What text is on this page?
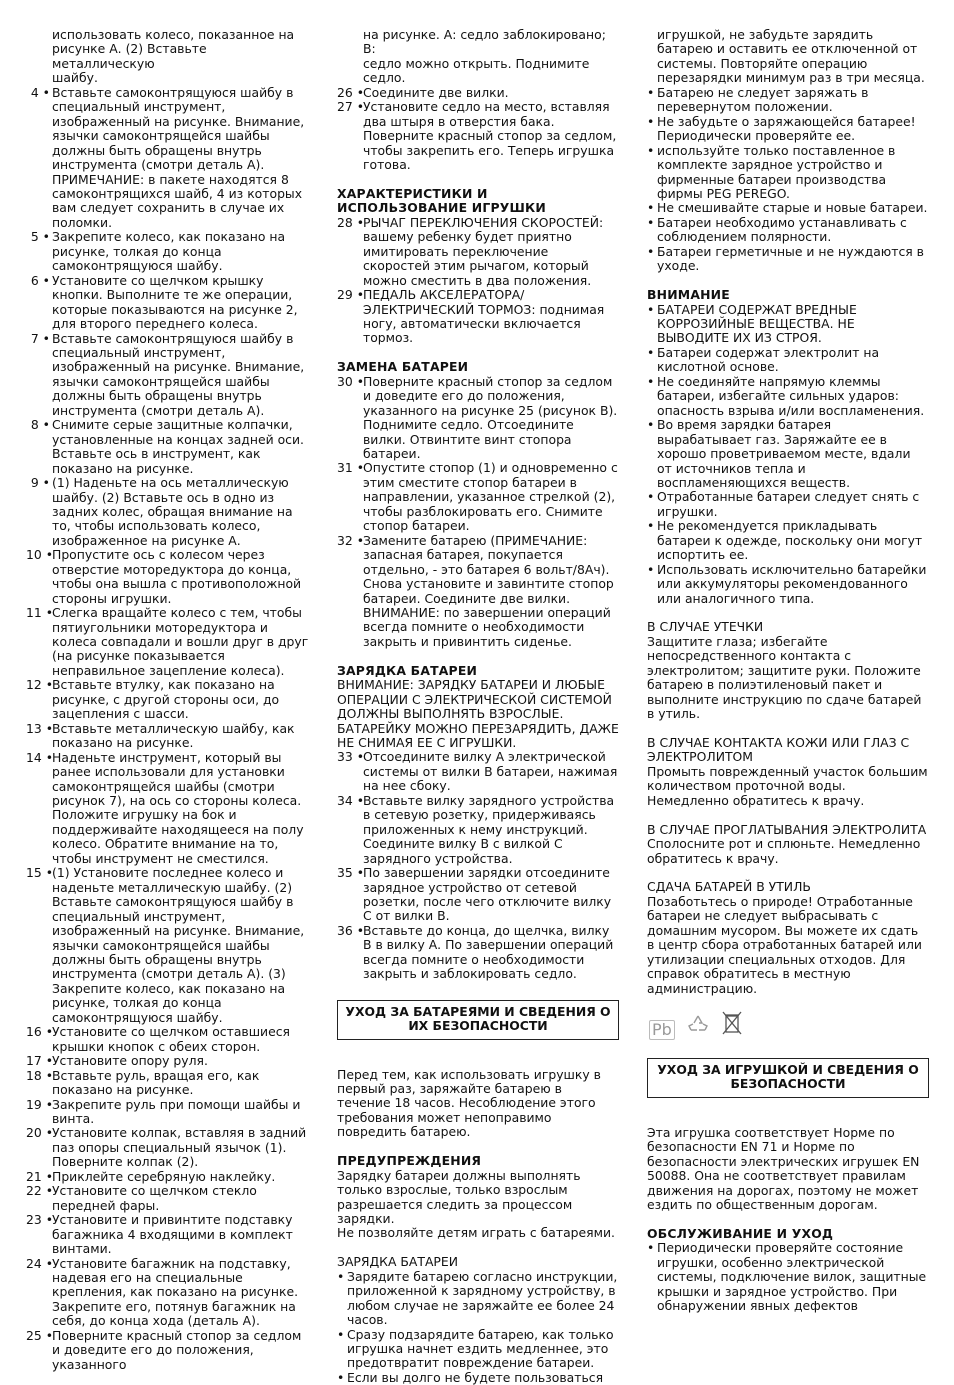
использовать колесо, показанное на
рисунке А. (2) Вставьте металлическую
шайбу.
4 • Вставьте самоконтрящуюся шайбу в специальный инструмент, изображенный на рисунке. Внимание, язычки самоконтрящейся шайбы должны быть обращены внутрь инструмента (смотри деталь А). ПРИМЕЧАНИЕ: в пакете находятся 8 самоконтрящихся шайб, 4 из которых вам следует сохранить в случае их поломки.
5 • Закрепите колесо, как показано на рисунке, толкая до конца самоконтрящуюся шайбу.
6 • Установите со щелчком крышку кнопки. Выполните те же операции, которые показываются на рисунке 2, для второго переднего колеса.
7 • Вставьте самоконтрящуюся шайбу в специальный инструмент, изображенный на рисунке. Внимание, язычки самоконтрящейся шайбы должны быть обращены внутрь инструмента (смотри деталь А).
8 • Снимите серые защитные колпачки, установленные на концах задней оси. Вставьте ось в инструмент, как показано на рисунке.
9 • (1) Наденьте на ось металлическую шайбу. (2) Вставьте ось в одно из задних колес, обращая внимание на то, чтобы использовать колесо, изображенное на рисунке А.
10 •
Пропустите ось с колесом через отверстие моторедуктора до конца, чтобы она вышла с противоположной стороны игрушки.
11 •
Слегка вращайте колесо с тем, чтобы пятиугольники моторедуктора и колеса совпадали и вошли друг в друг (на рисунке показывается неправильное зацепление колеса).
12 •
Вставьте втулку, как показано на рисунке, с другой стороны оси, до зацепления с шасси.
13 •
Вставьте металлическую шайбу, как показано на рисунке.
14 •
Наденьте инструмент, который вы ранее использовали для установки самоконтрящейся шайбы (смотри рисунок 7), на ось со стороны колеса. Положите игрушку на бок и поддерживайте находящееся на полу колесо. Обратите внимание на то, чтобы инструмент не сместился.
15 •
(1) Установите последнее колесо и наденьте металлическую шайбу. (2) Вставьте самоконтрящуюся шайбу в специальный инструмент, изображенный на рисунке. Внимание, язычки самоконтрящейся шайбы должны быть обращены внутрь инструмента (смотри деталь А). (3) Закрепите колесо, как показано на рисунке, толкая до конца самоконтрящуюся шайбу.
16 •
Установите со щелчком оставшиеся крышки кнопок с обеих сторон.
17 •
Установите опору руля.
18 •
Вставьте руль, вращая его, как показано на рисунке.
19 •
Закрепите руль при помощи шайбы и винта.
20 •
Установите колпак, вставляя в задний паз опоры специальный язычок (1). Поверните колпак (2).
21 •
Приклейте серебряную наклейку.
22 •
Установите со щелчком стекло передней фары.
23 •
Установите и привинтите подставку багажника 4 входящими в комплект винтами.
24 •
Установите багажник на подставку, надевая его на специальные крепления, как показано на рисунке. Закрепите его, потянув багажник на себя, до конца хода (деталь А).
25 •
Поверните красный стопор за седлом и доведите его до положения, указанного
на рисунке. А: седло заблокировано; B:
седло можно открыть. Поднимите
седло.
26 •
Соедините две вилки.
27 •
Установите седло на место, вставляя два штыря в отверстия бака. Поверните красный стопор за седлом, чтобы закрепить его. Теперь игрушка готова.
ХАРАКТЕРИСТИКИ И
ИСПОЛЬЗОВАНИЕ ИГРУШКИ
28 •
РЫЧАГ ПЕРЕКЛЮЧЕНИЯ СКОРОСТЕЙ: вашему ребенку будет приятно имитировать переключение скоростей этим рычагом, который можно сместить в два положения.
29 •
ПЕДАЛЬ АКСЕЛЕРАТОРА/ЭЛЕКТРИЧЕСКИЙ ТОРМОЗ: поднимая ногу, автоматически включается тормоз.
ЗАМЕНА БАТАРЕИ
30 •
Поверните красный стопор за седлом и доведите его до положения, указанного на рисунке 25 (рисунок B). Поднимите седло. Отсоедините вилки. Отвинтите винт стопора батареи.
31 •
Опустите стопор (1) и одновременно с этим сместите стопор батареи в направлении, указанное стрелкой (2), чтобы разблокировать его. Снимите стопор батареи.
32 •
Замените батарею (ПРИМЕЧАНИЕ: запасная батарея, покупается отдельно, - это батарея 6 вольт/8Ач). Снова установите и завинтите стопор батареи. Соедините две вилки. ВНИМАНИЕ: по завершении операций всегда помните о необходимости закрыть и привинтить сиденье.
ЗАРЯДКА БАТАРЕИ
ВНИМАНИЕ: ЗАРЯДКУ БАТАРЕИ И ЛЮБЫЕ ОПЕРАЦИИ С ЭЛЕКТРИЧЕСКОЙ СИСТЕМОЙ ДОЛЖНЫ ВЫПОЛНЯТЬ ВЗРОСЛЫЕ.
БАТАРЕЙКУ МОЖНО ПЕРЕЗАРЯДИТЬ, ДАЖЕ НЕ СНИМАЯ ЕЕ С ИГРУШКИ.
33 •
Отсоедините вилку А электрической системы от вилки B батареи, нажимая на нее сбоку.
34 •
Вставьте вилку зарядного устройства в сетевую розетку, придерживаясь приложенных к нему инструкций. Соедините вилку B с вилкой C зарядного устройства.
35 •
По завершении зарядки отсоедините зарядное устройство от сетевой розетки, после чего отключите вилку C от вилки B.
36 •
Вставьте до конца, до щелчка, вилку B в вилку А. По завершении операций всегда помните о необходимости закрыть и заблокировать седло.
УХОД ЗА БАТАРЕЯМИ И СВЕДЕНИЯ О ИХ БЕЗОПАСНОСТИ
Перед тем, как использовать игрушку в первый раз, заряжайте батарею в течение 18 часов. Несоблюдение этого требования может непоправимо повредить батарею.
ПРЕДУПРЕЖДЕНИЯ
Зарядку батареи должны выполнять только взрослые, только взрослым разрешается следить за процессом зарядки.
Не позволяйте детям играть с батареями.
ЗАРЯДКА БАТАРЕИ
• Зарядите батарею согласно инструкции, приложенной к зарядному устройству, в любом случае не заряжайте ее более 24 часов.
• Сразу подзарядите батарею, как только игрушка начнет ездить медленнее, это предотвратит повреждение батареи.
• Если вы долго не будете пользоваться
игрушкой, не забудьте зарядить батарею и оставить ее отключенной от системы. Повторяйте операцию перезарядки минимум раз в три месяца.
• Батарею не следует заряжать в перевернутом положении.
• Не забудьте о заряжающейся батарее! Периодически проверяйте ее.
• используйте только поставленное в комплекте зарядное устройство и фирменные батареи производства фирмы PEG PEREGO.
• Не смешивайте старые и новые батареи.
• Батареи необходимо устанавливать с соблюдением полярности.
• Батареи герметичные и не нуждаются в уходе.
ВНИМАНИЕ
• БАТАРЕИ СОДЕРЖАТ ВРЕДНЫЕ КОРРОЗИЙНЫЕ ВЕЩЕСТВА. НЕ ВЫВОДИТЕ ИХ ИЗ СТРОЯ.
• Батареи содержат электролит на кислотной основе.
• Не соединяйте напрямую клеммы батареи, избегайте сильных ударов: опасность взрыва и/или воспламенения.
• Во время зарядки батарея вырабатывает газ. Заряжайте ее в хорошо проветриваемом месте, вдали от источников тепла и воспламеняющихся веществ.
• Отработанные батареи следует снять с игрушки.
• Не рекомендуется прикладывать батареи к одежде, поскольку они могут испортить ее.
• Использовать исключительно батарейки или аккумуляторы рекомендованного или аналогичного типа.
В СЛУЧАЕ УТЕЧКИ
Защитите глаза; избегайте непосредственного контакта с электролитом; защитите руки. Положите батарею в полиэтиленовый пакет и выполните инструкцию по сдаче батарей в утиль.
В СЛУЧАЕ КОНТАКТА КОЖИ ИЛИ ГЛАЗ С ЭЛЕКТРОЛИТОМ
Промыть поврежденный участок большим количеством проточной воды. Немедленно обратитесь к врачу.
В СЛУЧАЕ ПРОГЛАТЫВАНИЯ ЭЛЕКТРОЛИТА
Сполосните рот и сплюньте. Немедленно обратитесь к врачу.
СДАЧА БАТАРЕЙ В УТИЛЬ
Позаботьтесь о природе! Отработанные батареи не следует выбрасывать с домашним мусором. Вы можете их сдать в центр сбора отработанных батарей или утилизации специальных отходов. Для справок обратитесь в местную администрацию.
Pb
УХОД ЗА ИГРУШКОЙ И СВЕДЕНИЯ О БЕЗОПАСНОСТИ
Эта игрушка соответствует Норме по безопасности EN 71 и Норме по безопасности электрических игрушек EN 50088. Она не соответствует правилам движения на дорогах, поэтому не может ездить по общественным дорогам.
ОБСЛУЖИВАНИЕ И УХОД
• Периодически проверяйте состояние игрушки, особенно электрической системы, подключение вилок, защитные крышки и зарядное устройство. При обнаружении явных дефектов
